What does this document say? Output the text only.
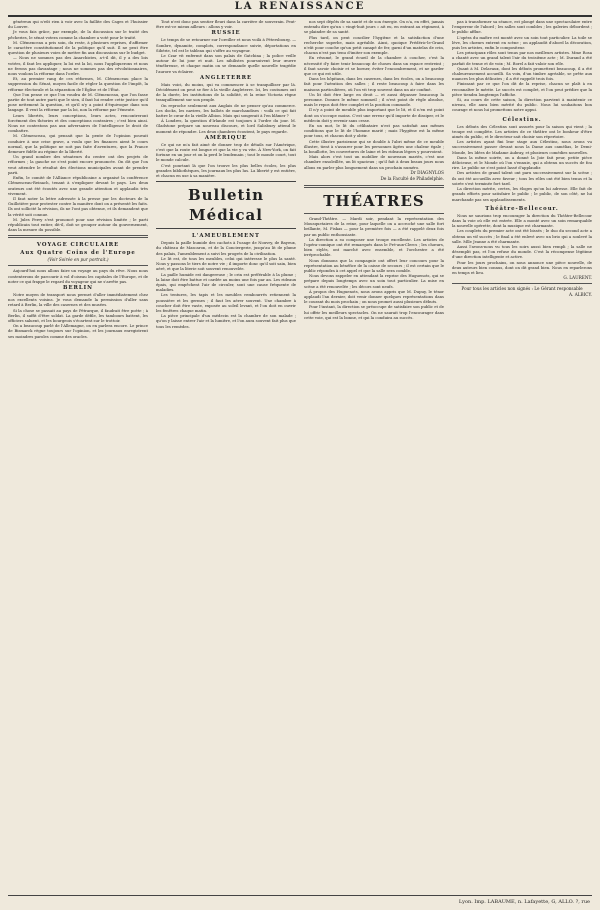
LA RENAISSANCE

généreux qui n'eût rien à voir avec la faillite des Cages et l'huissier du Louvre.

Je vous fais grâce, par exemple, de la discussion sur le traité des pêcheries, le sénat votera comme la chambre a voté pour le traité.

M. Clémenceau a pris soin, du reste, à plusieurs reprises, d'affirmer le caractère constitutionnel de la politique qu'il suit. Il ne peut être question de plusieurs voies de mettre fin aux discussions sur le budget.

— Nous ne sommes pas des Anarchistes, a-t-il dit, il y a des lois votées, il faut les appliquer, la loi est la loi, nous l'appliquerons et nous ne ferons pas davantage ; nous ne sommes pas des révolutionnaires, nous voulons la réforme dans l'ordre.

Et, au premier rang de ces réformes, M. Clémenceau place la suppression du Sénat, moyen facile de régler la question de l'impôt, la réforme électorale et la séparation de l'Église et de l'État.

Que l'on pense ce que l'on voudra de M. Clémenceau, que l'on fasse partie de tout autre parti que le sien, il faut lui rendre cette justice qu'il pose nettement la question, et qu'il n'y a point d'équivoque dans son langage. Il veut la réforme par la loi, non la réforme par l'émeute.

Leurs libertés, leurs conceptions, leurs actes, rencontreront forcément des théories et des conceptions contraires ; c'est bien ainsi. Nous ne contestons pas aux adversaires de l'intelligence le droit de combattre.

M. Clémenceau, qui pensait que la pente de l'opinion pouvait conduire à une crise grave, a voulu que les finances aient le cours normal, que la politique ne soit pas faite d'aventures, que la France demeure fidèle au régime de la liberté.

Un grand nombre des sénateurs du centre ont des projets de réformes ; la gauche ne s'est point encore prononcée. On dit que l'on veut attendre le résultat des élections municipales avant de prendre parti.

Enfin, le comité de l'Alliance républicaine a organisé la conférence Clémenceau-Reinach, tenant à s'expliquer devant le pays. Les deux orateurs ont été écoutés avec une grande attention et applaudis très vivement.

Il faut noter la lettre adressée à la presse par les docteurs de la Guillotière pour protester contre la manière dont on a présenté les faits. Ils ont sollicité la révision, ils ne l'ont pas obtenue, et ils demandent que la vérité soit connue.

M. Jules Ferry s'est prononcé pour une révision limitée ; le parti républicain tout entier, dit-il, doit se grouper autour du gouvernement, dans la mesure du possible.

VOYAGE CIRCULAIRE
Aux Quatre Coins de l'Europe
(Voir Soirée en pur portrait.)

Aujourd'hui nous allons faire un voyage au pays du rêve. Nous nous contenterons de parcourir à vol d'oiseau les capitales de l'Europe, et de noter ce qui frappe le regard du voyageur qui ne s'arrête pas.

BERLIN

Notre moyen de transport nous permet d'aller immédiatement chez nos excellents voisins. Je vous demande la permission d'aller sans retard à Berlin, la ville des casernes et des musées.

Si la chose se passait au pays de Pétrarque, il faudrait être poète ; à Berlin, il suffit d'être soldat. La garde défile, les tambours battent, les officiers saluent, et les bourgeois s'écartent sur le trottoir.

On a beaucoup parlé de l'Allemagne, on en parlera encore. Le prince de Bismarck règne toujours sur l'opinion, et les journaux enregistrent ses moindres paroles comme des oracles.

Tout n'est donc pas sentier fleuri dans la carrière de souverain. Peut-être est-ce mieux ailleurs : allons y voir.

RUSSIE

Le temps de se retourner sur l'oreiller et nous voilà à Pétersbourg. — Sombre, dynamite, complots, correspondance suivie, déportations en Sibérie, tel est le tableau qui s'offre au voyageur.

Le Czar vit enfermé dans son palais de Gatchina ; la police veille autour de lui jour et nuit. Les nihilistes poursuivent leur œuvre ténébreuse, et chaque matin on se demande quelle nouvelle tragédie l'aurore va éclairer.

ANGLETERRE

Mais voici, du moins, qui va commencer à se tranquilliser par là. Décidément on peut se fier à la vieille Angleterre. Ici, les coutumes ont de la durée, les institutions de la solidité, et la reine Victoria règne tranquillement sur son peuple.

On reproche seulement aux Anglais de ne penser qu'au commerce. Les docks, les navires, les ballots de marchandises : voilà ce qui fait battre le cœur de la vieille Albion. Mais qui songerait à l'en blâmer ?

À Londres, la question d'Irlande est toujours à l'ordre du jour. M. Gladstone prépare un nouveau discours, et lord Salisbury attend le moment de répondre. Les deux chambres écoutent, le pays regarde.

AMÉRIQUE

Ce qui ne m'a fait aimé de donner trop de détails sur l'Amérique, c'est que la route est longue et que la vie y va vite. À New-York, on fait fortune en un jour et on la perd le lendemain ; tout le monde court, tout le monde calcule.

C'est pourtant là que l'on trouve les plus belles écoles, les plus grandes bibliothèques, les journaux les plus lus. La liberté y est entière, et chacun en use à sa manière.

Bulletin Médical
L'AMEUBLEMENT

Depuis la paille humide des cachots à l'usage de Nouvry, de Bayeux, du château de Mascaron, et de la Conciergerie, jusqu'au lit de plume des palais, l'ameublement a suivi les progrès de la civilisation.

Le lit est, de tous les meubles, celui qui intéresse le plus la santé. Nous y passons le tiers de notre vie ; il importe donc qu'il soit sain, bien aéré, et que la literie soit souvent renouvelée.

La paille humide est dangereuse ; le crin est préférable à la plume ; la laine doit être battue et cardée au moins une fois par an. Les rideaux épais, qui empêchent l'air de circuler, sont une cause fréquente de maladies.

Les tentures, les tapis et les meubles rembourrés retiennent la poussière et les germes ; il faut les aérer souvent. Une chambre à coucher doit être vaste, exposée au soleil levant, et l'on doit en ouvrir les fenêtres chaque matin.

La pièce principale d'un médecin est la chambre de son malade ; qu'on y laisse entrer l'air et la lumière, et l'on aura souvent fait plus que tous les remèdes.

nos sept dépôts de sa santé et de son énergie. On n'a, en effet, jamais entendu dire qu'un « vingt-huit jours » ait eu, en entrant au régiment, à se plaindre de sa santé.

Plus tard, on peut concilier l'hygiène et la satisfaction d'une recherche superbe, mais agréable. Ainsi, quoique Frédéric-le-Grand n'eût pour couche qu'un petit canapé de fer, garni d'un matelas de crin, chacun n'est pas tenu d'imiter son exemple.

En résumé, le grand écueil de la chambre à coucher, c'est la nécessité d'y faire tenir beaucoup de choses dans un espace restreint ; il faut savoir choisir et se borner, éviter l'encombrement, et ne garder que ce qui est utile.

Dans les hôpitaux, dans les casernes, dans les écoles, on a beaucoup fait pour l'aération des salles ; il reste beaucoup à faire dans les maisons particulières, où l'on vit trop souvent dans un air confiné.

Un lit doit être large en droit — et aussi dépasser beaucoup la personne. Donnez le même sommeil ; il n'est point de règle absolue, mais le repos doit être complet et la position commode.

Il n'y a point de meuble plus important que le lit, et il n'en est point dont on s'occupe moins. C'est une erreur qu'il importe de dissiper, et le médecin doit y revenir sans cesse.

En un mot, le lit du célibataire n'est pas satisfait aux mêmes conditions que le lit de l'homme marié ; mais l'hygiène est la même pour tous, et chacun doit y obéir.

Cette illustre parisienne qui se double à l'abri même de ce meuble illustre, tient à s'assurer pour les personnes âgées une chaleur égale ; la bouillotte, les couvertures de laine et les rideaux légers y pourvoient.

Mais alors c'est tout un mobilier de nouveaux mariés, c'est une chambre ensoleillée, un lit spacieux ; qu'il fait à deux beaux jours nous allons en parler plus longuement dans un prochain numéro.

Dr DIAGNYLOS
De la Faculté de Philadelphie.
THÉATRES

Grand-Théâtre. — Mardi soir, pendant la représentation des Mousquetaires de la reine, pour laquelle on a accroché une salle fort brillante, M. Fiskas — pour la première fois — a été rappelé deux fois par un public enthousiaste.

La direction a su composer une troupe excellente. Les artistes de l'opéra-comique ont été remarqués dans le Pré-aux-Clercs ; les chœurs, bien stylés, ont marché avec ensemble, et l'orchestre a été irréprochable.

Nous donnons que la compagnie ont offert leur concours pour la représentation au bénéfice de la caisse de secours ; il est certain que le public répondra à cet appel et que la salle sera comble.

Nous devons rappeler en attendant la reprise des Huguenots, qui se prépare depuis longtemps avec un soin tout particulier. La mise en scène a été renouvelée ; les décors sont neufs.

À propos des Huguenots, nous avons appris que M. Dupuy, le ténor applaudi l'an dernier, doit venir donner quelques représentations dans le courant du mois prochain ; on nous promet aussi plusieurs débuts.

Pour l'instant, la direction se préoccupe de satisfaire son public et de lui offrir les meilleurs spectacles. On ne saurait trop l'encourager dans cette voie, qui est la bonne, et qui la conduira au succès.

pas à transformer sa séance, est plongé dans une spectaculaire entre l'empereur de l'abord ; les salles sont combles ; les galeries débordent ; le public afflue.

L'opéra du maître est monté avec un soin tout particulier. La toile se lève, les chœurs entrent en scène ; on applaudit d'abord la décoration, puis les artistes, enfin le compositeur.

Les principaux rôles sont tenus par nos meilleurs artistes. Mme Rosa a chanté avec un grand talent l'air du troisième acte ; M. Durand a été parfait de tenue et de voix ; M. Borel a fait valoir son rôle.

Quant à M. Delavaux, dont les débuts promettent beaucoup, il a été chaleureusement accueilli. Sa voix, d'un timbre agréable, se prête aux nuances les plus délicates ; il a été rappelé trois fois.

Finissant par ce que l'on dit de la reprise, chacun se plaît à en reconnaître le mérite. Le succès est complet, et l'on peut prédire que la pièce tiendra longtemps l'affiche.

Si, au cours de cette saison, la direction parvient à maintenir ce niveau, elle aura bien mérité du public. Nous lui souhaitons bon courage et nous lui promettons notre appui.

Célestins.

Les débuts des Célestins sont assurés pour la saison qui vient ; la troupe est complète. Les artistes de ce théâtre ont le bonheur d'être aimés du public, et le directeur sait choisir son répertoire.

Les artistes ayant fini leur stage aux Célestins, nous avons vu successivement passer devant nous la Dame aux camélias, le Demi-Monde, les Idées de Madame Aubray, et plusieurs comédies nouvelles.

Dans la même soirée, on a donné la Joie fait peur, petite pièce délicieuse, et le Monde où l'on s'ennuie, qui a obtenu un succès de fou rire. Le public ne s'est point lassé d'applaudir.

Des artistes de grand talent ont paru successivement sur la scène ; ils ont été accueillis avec faveur ; tous les rôles ont été bien tenus et la soirée s'est terminée fort tard.

La direction mérite, certes, les éloges qu'on lui adresse. Elle fait de grands efforts pour satisfaire le public ; le public, de son côté, ne lui marchande pas ses applaudissements.

Théâtre-Bellecour.

Nous ne saurions trop encourager la direction du Théâtre-Bellecour dans la voie où elle est entrée. Elle a monté avec un soin remarquable la nouvelle opérette, dont la musique est charmante.

Les couplets du premier acte ont été bissés ; le duo du second acte a obtenu un vif succès ; le final a été enlevé avec un brio qui a soulevé la salle. Mlle Jeanne a été charmante.

Aussi l'avons-nous vu tous les soirs aussi bien rempli ; la salle ne désemplit pas, et l'on refuse du monde. C'est la récompense légitime d'une direction intelligente et active.

Pour les jours prochains, on nous annonce une pièce nouvelle, de deux auteurs bien connus, dont on dit grand bien. Nous en reparlerons en temps et lieu.

G. LAURENT.
Pour tous les articles non signés : Le Gérant responsable
A. ALBICY.
Lyon. Imp. LABAUME, n. Lafayette, G, ALLO. ?, rue
